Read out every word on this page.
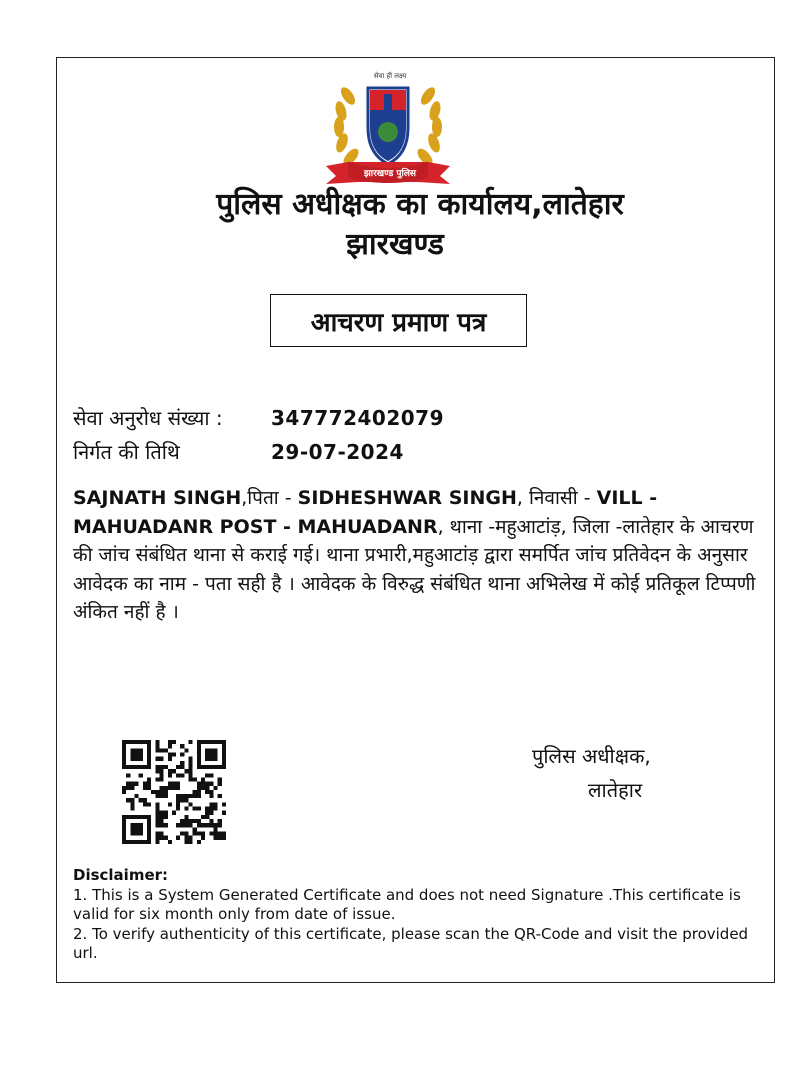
सेवा ही लक्ष्य
झारखण्ड पुलिस
पुलिस अधीक्षक का कार्यालय,लातेहार
झारखण्ड
आचरण प्रमाण पत्र
सेवा अनुरोध संख्या : 347772402079
निर्गत की तिथि	29-07-2024
SAJNATH SINGH,पिता - SIDHESHWAR SINGH, निवासी - VILL - MAHUADANR POST - MAHUADANR, थाना -महुआटांड़, जिला -लातेहार के आचरण की जांच संबंधित थाना से कराई गई। थाना प्रभारी,महुआटांड़ द्वारा समर्पित जांच प्रतिवेदन के अनुसार आवेदक का नाम - पता सही है । आवेदक के विरुद्ध संबंधित थाना अभिलेख में कोई प्रतिकूल टिप्पणी अंकित नहीं है ।
पुलिस अधीक्षक,
लातेहार
Disclaimer:
1. This is a System Generated Certificate and does not need Signature .This certificate is valid for six month only from date of issue.
2. To verify authenticity of this certificate, please scan the QR-Code and visit the provided url.
